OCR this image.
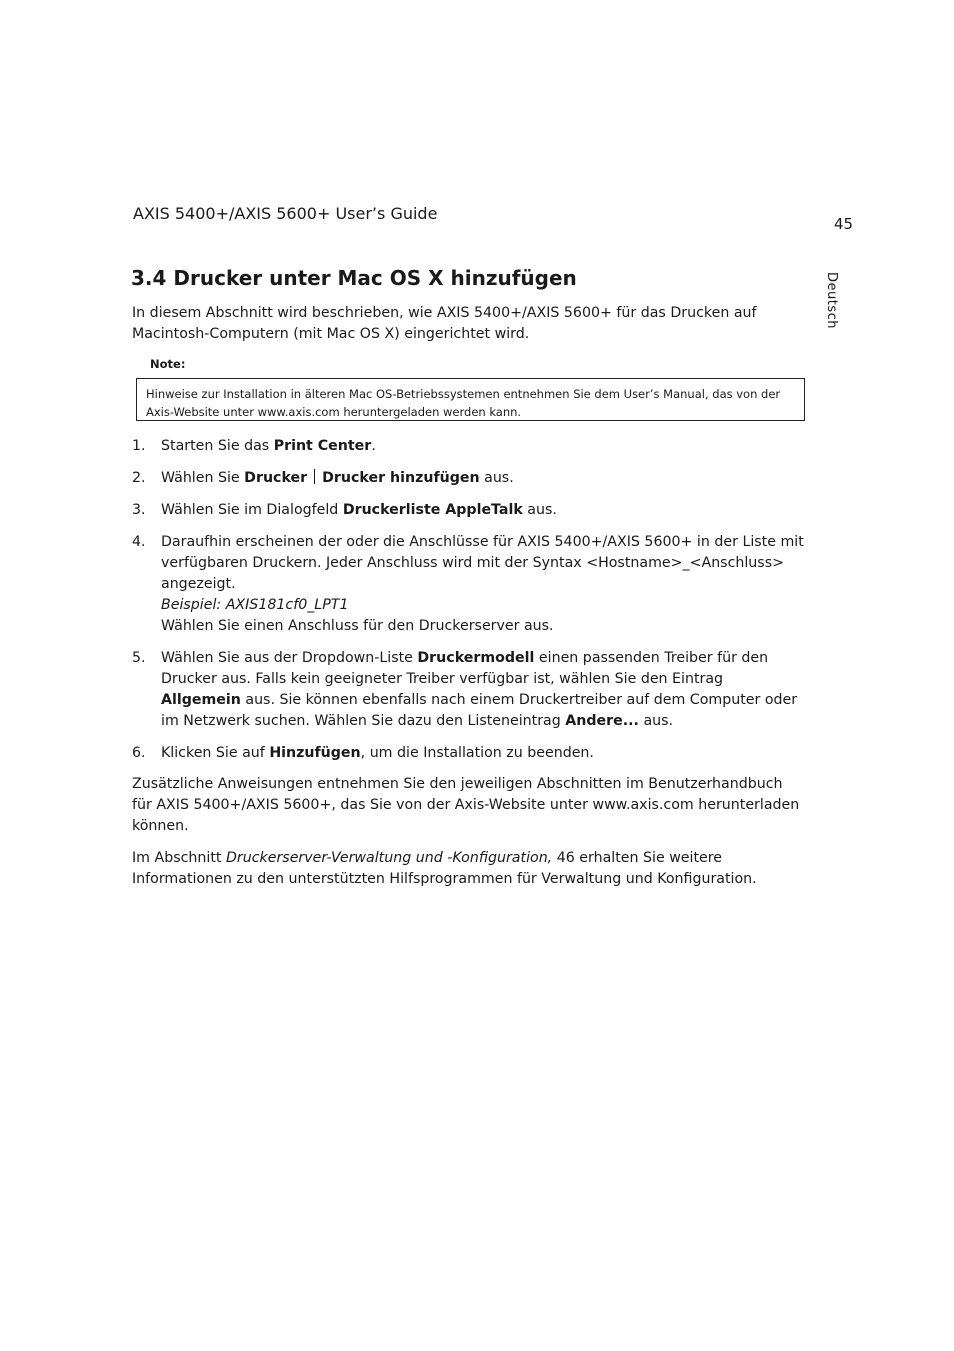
AXIS 5400+/AXIS 5600+ User’s Guide
45
Deutsch
3.4 Drucker unter Mac OS X hinzufügen
In diesem Abschnitt wird beschrieben, wie AXIS 5400+/AXIS 5600+ für das Drucken auf Macintosh-Computern (mit Mac OS X) eingerichtet wird.
Note:
Hinweise zur Installation in älteren Mac OS-Betriebssystemen entnehmen Sie dem User’s Manual, das von der Axis-Website unter www.axis.com heruntergeladen werden kann.
1. Starten Sie das Print Center.
2. Wählen Sie Drucker Drucker hinzufügen aus.
3. Wählen Sie im Dialogfeld Druckerliste AppleTalk aus.
4. Daraufhin erscheinen der oder die Anschlüsse für AXIS 5400+/AXIS 5600+ in der Liste mit verfügbaren Druckern. Jeder Anschluss wird mit der Syntax <Hostname>_<Anschluss> angezeigt.
Beispiel: AXIS181cf0_LPT1
Wählen Sie einen Anschluss für den Druckerserver aus.
5. Wählen Sie aus der Dropdown-Liste Druckermodell einen passenden Treiber für den Drucker aus. Falls kein geeigneter Treiber verfügbar ist, wählen Sie den Eintrag Allgemein aus. Sie können ebenfalls nach einem Druckertreiber auf dem Computer oder im Netzwerk suchen. Wählen Sie dazu den Listeneintrag Andere... aus.
6. Klicken Sie auf Hinzufügen, um die Installation zu beenden.
Zusätzliche Anweisungen entnehmen Sie den jeweiligen Abschnitten im Benutzerhandbuch für AXIS 5400+/AXIS 5600+, das Sie von der Axis-Website unter www.axis.com herunterladen können.
Im Abschnitt Druckerserver-Verwaltung und -Konfiguration, 46 erhalten Sie weitere Informationen zu den unterstützten Hilfsprogrammen für Verwaltung und Konfiguration.
